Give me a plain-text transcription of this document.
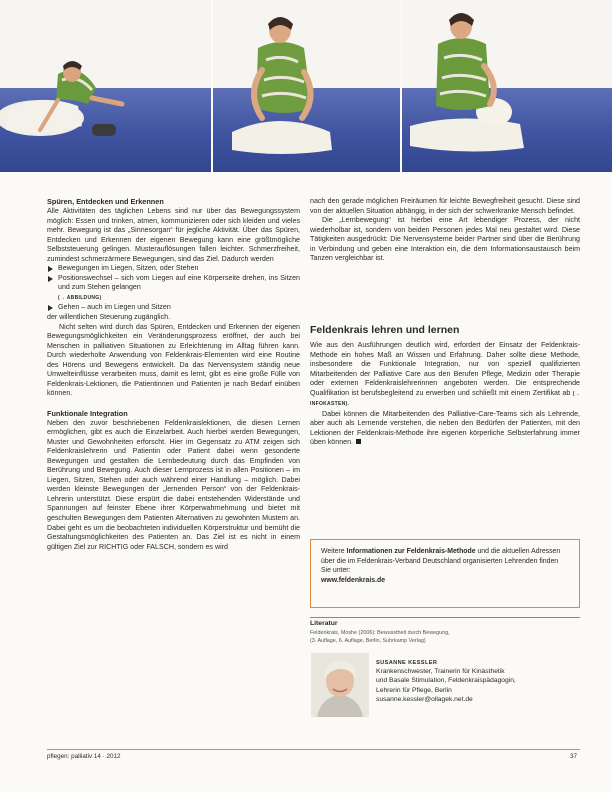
Spüren, Entdecken und Erkennen

Alle Aktivitäten des täglichen Lebens sind nur über das Bewegungssystem möglich: Essen und trinken, atmen, kommunizieren oder sich kleiden und vieles mehr. Bewegung ist das „Sinnesorgan“ für jegliche Aktivität. Über das Spüren, Entdecken und Erkennen der eigenen Bewegung kann eine größtmögliche Selbststeuerung gelingen. Musterauflösungen fallen leichter. Schmerzfreiheit, zumindest schmerzärmere Bewegungen, sind das Ziel. Dadurch werden

Bewegungen im Liegen, Sitzen, oder Stehen
Positionswechsel – sich vom Liegen auf eine Körperseite drehen, ins Sitzen und zum Stehen gelangen
(→ ABBILDUNG)
Gehen – auch im Liegen und Sitzen

der willentlichen Steuerung zugänglich.

Nicht selten wird durch das Spüren, Entdecken und Erkennen der eigenen Bewegungsmöglichkeiten ein Veränderungsprozess eröffnet, der auch bei Menschen in palliativen Situationen zu Erleichterung im Alltag führen kann. Durch wiederholte Anwendung von Feldenkrais-Elementen wird eine Routine des Hörens und Bewegens entwickelt. Da das Nervensystem ständig neue Umwelteinflüsse verarbeiten muss, damit es lernt, gibt es eine große Fülle von Feldenkrais-Lektionen, die Patientinnen und Patienten je nach Bedarf einüben können.

Funktionale Integration

Neben den zuvor beschriebenen Feldenkraislektionen, die diesen Lernen ermöglichen, gibt es auch die Einzelarbeit. Auch hierbei werden Bewegungen, Muster und Gewohnheiten erforscht. Hier im Gegensatz zu ATM zeigen sich Feldenkraislehrerin und Patientin oder Patient dabei wenn gesonderte Bewegungen und gestalten die Lernbedeutung durch das Empfinden von Berührung und Bewegung. Auch dieser Lernprozess ist in allen Positionen – im Liegen, Sitzen, Stehen oder auch während einer Handlung – möglich. Dabei werden kleinste Bewegungen der „lernenden Person“ von der Feldenkrais-Lehrerin unterstützt. Diese erspürt die dabei entstehenden Widerstände und Spannungen auf feinster Ebene ihrer Körperwahrnehmung und bietet mit geschulten Bewegungen dem Patienten Alternativen zu gewohnten Mustern an. Dabei geht es um die beobachteten individuellen Körperstruktur und bemüht die Gestaltungsmöglichkeiten des Patienten an. Das Ziel ist es nicht in einem gültigen Ziel zur RICHTIG oder FALSCH, sondern es wird

nach den gerade möglichen Freiräumen für leichte Bewegfreiheit gesucht. Diese sind von der aktuellen Situation abhängig, in der sich der schwerkranke Mensch befindet.

Die „Lernbewegung“ ist hierbei eine Art lebendiger Prozess, der nicht wiederholbar ist, sondern von beiden Personen jedes Mal neu gestaltet wird. Diese Tätigkeiten ausgedrückt: Die Nervensysteme beider Partner sind über die Berührung in Verbindung und geben eine Interaktion ein, die dem Informationsaustausch beim Tanzen vergleichbar ist.

Feldenkrais lehren und lernen

Wie aus den Ausführungen deutlich wird, erfordert der Einsatz der Feldenkrais-Methode ein hohes Maß an Wissen und Erfahrung. Daher sollte diese Methode, insbesondere die Funktionale Integration, nur von speziell qualifizierten Mitarbeitenden der Palliative Care aus den Berufen Pflege, Medizin oder Therapie oder externen Feldenkraislehrerinnen angeboten werden. Die entsprechende Qualifikation ist berufsbegleitend zu erwerben und schließt mit einem Zertifikat ab (→ INFOKASTEN).

Dabei können die Mitarbeitenden des Palliative-Care-Teams sich als Lehrende, aber auch als Lernende verstehen, die neben den Bedürfen der Patienten, mit den Lektionen der Feldenkrais-Methode ihre eigenen körperliche Selbsterfahrung immer üben können.

Weitere Informationen zur Feldenkrais-Methode und die aktuellen Adressen über die im Feldenkrais-Verband Deutschland organisierten Lehrenden finden Sie unter:
www.feldenkrais.de
Literatur
Feldenkrais, Moshe (2006): Bewusstheit durch Bewegung,
(3. Auflage, 6. Auflage, Berlin, Suhrkamp Verlag)
SUSANNE KESSLER
Krankenschwester, Trainerin für Kinästhetik
und Basale Stimulation, Feldenkraispädagogin,
Lehrerin für Pflege, Berlin
susanne.kessler@ollagek.net.de
pflegen: palliativ 14 · 2012	37
